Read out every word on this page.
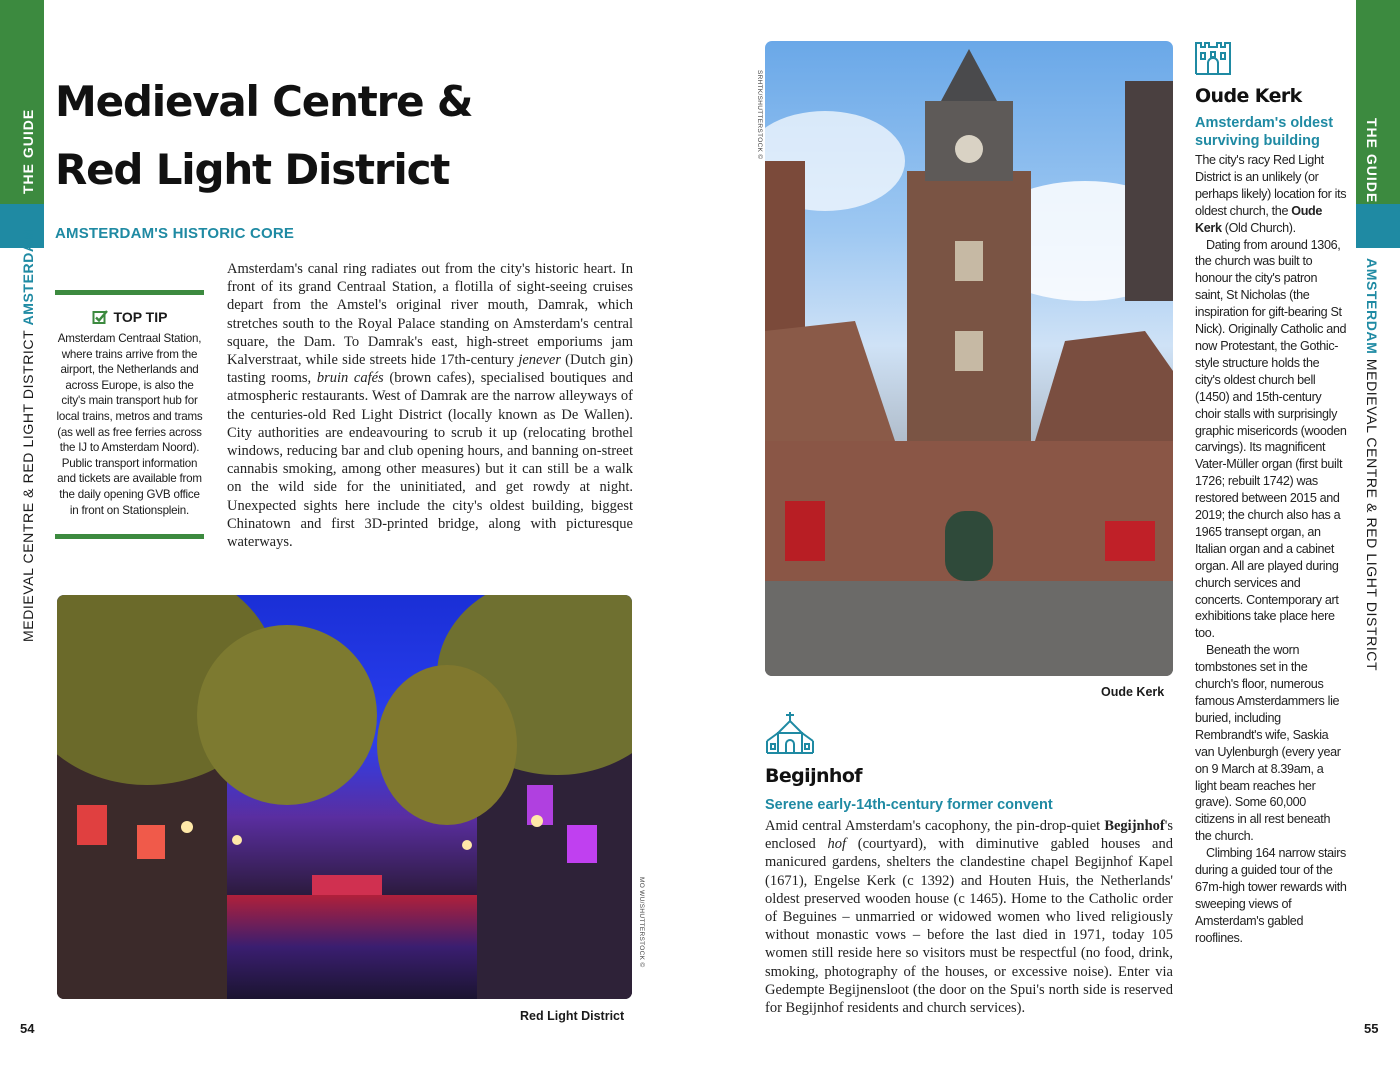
THE GUIDE
MEDIEVAL CENTRE & RED LIGHT DISTRICT AMSTERDAM
THE GUIDE
AMSTERDAM MEDIEVAL CENTRE & RED LIGHT DISTRICT
54	55
Medieval Centre &
Red Light District
AMSTERDAM'S HISTORIC CORE
TOP TIP
Amsterdam Centraal Station, where trains arrive from the airport, the Netherlands and across Europe, is also the city's main transport hub for local trains, metros and trams (as well as free ferries across the IJ to Amsterdam Noord). Public transport information and tickets are available from the daily opening GVB office in front on Stationsplein.
Amsterdam's canal ring radiates out from the city's historic heart. In front of its grand Centraal Station, a flotilla of sight-seeing cruises depart from the Amstel's original river mouth, Damrak, which stretches south to the Royal Palace standing on Amsterdam's central square, the Dam. To Damrak's east, high-street emporiums jam Kalverstraat, while side streets hide 17th-century jenever (Dutch gin) tasting rooms, bruin cafés (brown cafes), specialised boutiques and atmospheric restaurants. West of Damrak are the narrow alleyways of the centuries-old Red Light District (locally known as De Wallen). City authorities are endeavouring to scrub it up (relocating brothel windows, reducing bar and club opening hours, and banning on-street cannabis smoking, among other measures) but it can still be a walk on the wild side for the uninitiated, and get rowdy at night. Unexpected sights here include the city's oldest building, biggest Chinatown and first 3D-printed bridge, along with picturesque waterways.
MO WU/SHUTTERSTOCK ©
Red Light District
SRHTK/SHUTTERSTOCK ©
Oude Kerk
Begijnhof
Serene early-14th-century former convent
Amid central Amsterdam's cacophony, the pin-drop-quiet Begijnhof's enclosed hof (courtyard), with diminutive gabled houses and manicured gardens, shelters the clandestine chapel Begijnhof Kapel (1671), Engelse Kerk (c 1392) and Houten Huis, the Netherlands' oldest preserved wooden house (c 1465). Home to the Catholic order of Beguines – unmarried or widowed women who lived religiously without monastic vows – before the last died in 1971, today 105 women still reside here so visitors must be respectful (no food, drink, smoking, photography of the houses, or excessive noise). Enter via Gedempte Begijnensloot (the door on the Spui's north side is reserved for Begijnhof residents and church services).
Oude Kerk
Amsterdam's oldest surviving building

The city's racy Red Light District is an unlikely (or perhaps likely) location for its oldest church, the Oude Kerk (Old Church).

Dating from around 1306, the church was built to honour the city's patron saint, St Nicholas (the inspiration for gift-bearing St Nick). Originally Catholic and now Protestant, the Gothic-style structure holds the city's oldest church bell (1450) and 15th-century choir stalls with surprisingly graphic misericords (wooden carvings). Its magnificent Vater-Müller organ (first built 1726; rebuilt 1742) was restored between 2015 and 2019; the church also has a 1965 transept organ, an Italian organ and a cabinet organ. All are played during church services and concerts. Contemporary art exhibitions take place here too.

Beneath the worn tombstones set in the church's floor, numerous famous Amsterdammers lie buried, including Rembrandt's wife, Saskia van Uylenburgh (every year on 9 March at 8.39am, a light beam reaches her grave). Some 60,000 citizens in all rest beneath the church.

Climbing 164 narrow stairs during a guided tour of the 67m-high tower rewards with sweeping views of Amsterdam's gabled rooflines.
